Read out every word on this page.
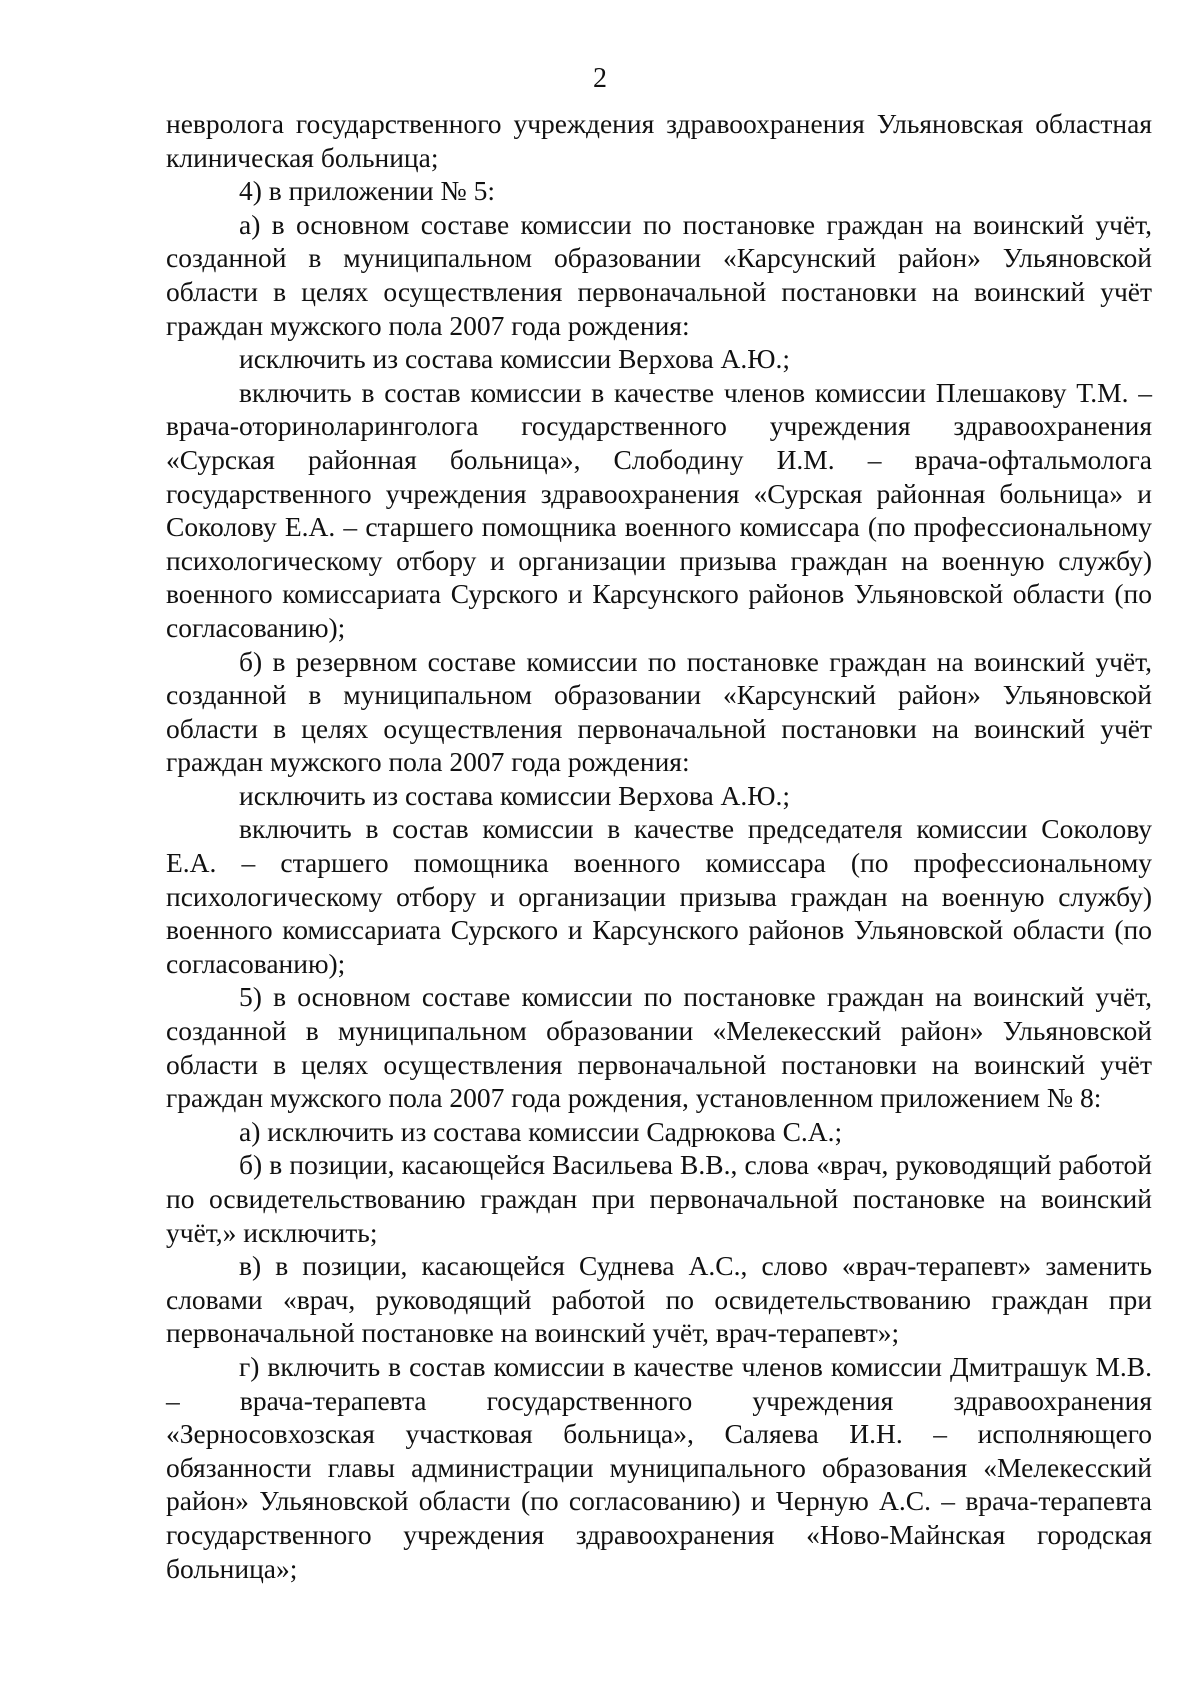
2

невролога государственного учреждения здравоохранения Ульяновская областная клиническая больница;

4) в приложении № 5:

а) в основном составе комиссии по постановке граждан на воинский учёт, созданной в муниципальном образовании «Карсунский район» Ульяновской области в целях осуществления первоначальной постановки на воинский учёт граждан мужского пола 2007 года рождения:

исключить из состава комиссии Верхова А.Ю.;

включить в состав комиссии в качестве членов комиссии Плешакову Т.М. – врача-оториноларинголога государственного учреждения здравоохранения «Сурская районная больница», Слободину И.М. – врача-офтальмолога государственного учреждения здравоохранения «Сурская районная больница» и Соколову Е.А. – старшего помощника военного комиссара (по профессиональному психологическому отбору и организации призыва граждан на военную службу) военного комиссариата Сурского и Карсунского районов Ульяновской области (по согласованию);

б) в резервном составе комиссии по постановке граждан на воинский учёт, созданной в муниципальном образовании «Карсунский район» Ульяновской области в целях осуществления первоначальной постановки на воинский учёт граждан мужского пола 2007 года рождения:

исключить из состава комиссии Верхова А.Ю.;

включить в состав комиссии в качестве председателя комиссии Соколову Е.А. – старшего помощника военного комиссара (по профессиональному психологическому отбору и организации призыва граждан на военную службу) военного комиссариата Сурского и Карсунского районов Ульяновской области (по согласованию);

5) в основном составе комиссии по постановке граждан на воинский учёт, созданной в муниципальном образовании «Мелекесский район» Ульяновской области в целях осуществления первоначальной постановки на воинский учёт граждан мужского пола 2007 года рождения, установленном приложением № 8:

а) исключить из состава комиссии Садрюкова С.А.;

б) в позиции, касающейся Васильева В.В., слова «врач, руководящий работой по освидетельствованию граждан при первоначальной постановке на воинский учёт,» исключить;

в) в позиции, касающейся Суднева А.С., слово «врач-терапевт» заменить словами «врач, руководящий работой по освидетельствованию граждан при первоначальной постановке на воинский учёт, врач-терапевт»;

г) включить в состав комиссии в качестве членов комиссии Дмитрашук М.В. – врача-терапевта государственного учреждения здравоохранения «Зерносовхозская участковая больница», Саляева И.Н. – исполняющего обязанности главы администрации муниципального образования «Мелекесский район» Ульяновской области (по согласованию) и Черную А.С. – врача-терапевта государственного учреждения здравоохранения «Ново-Майнская городская больница»;
